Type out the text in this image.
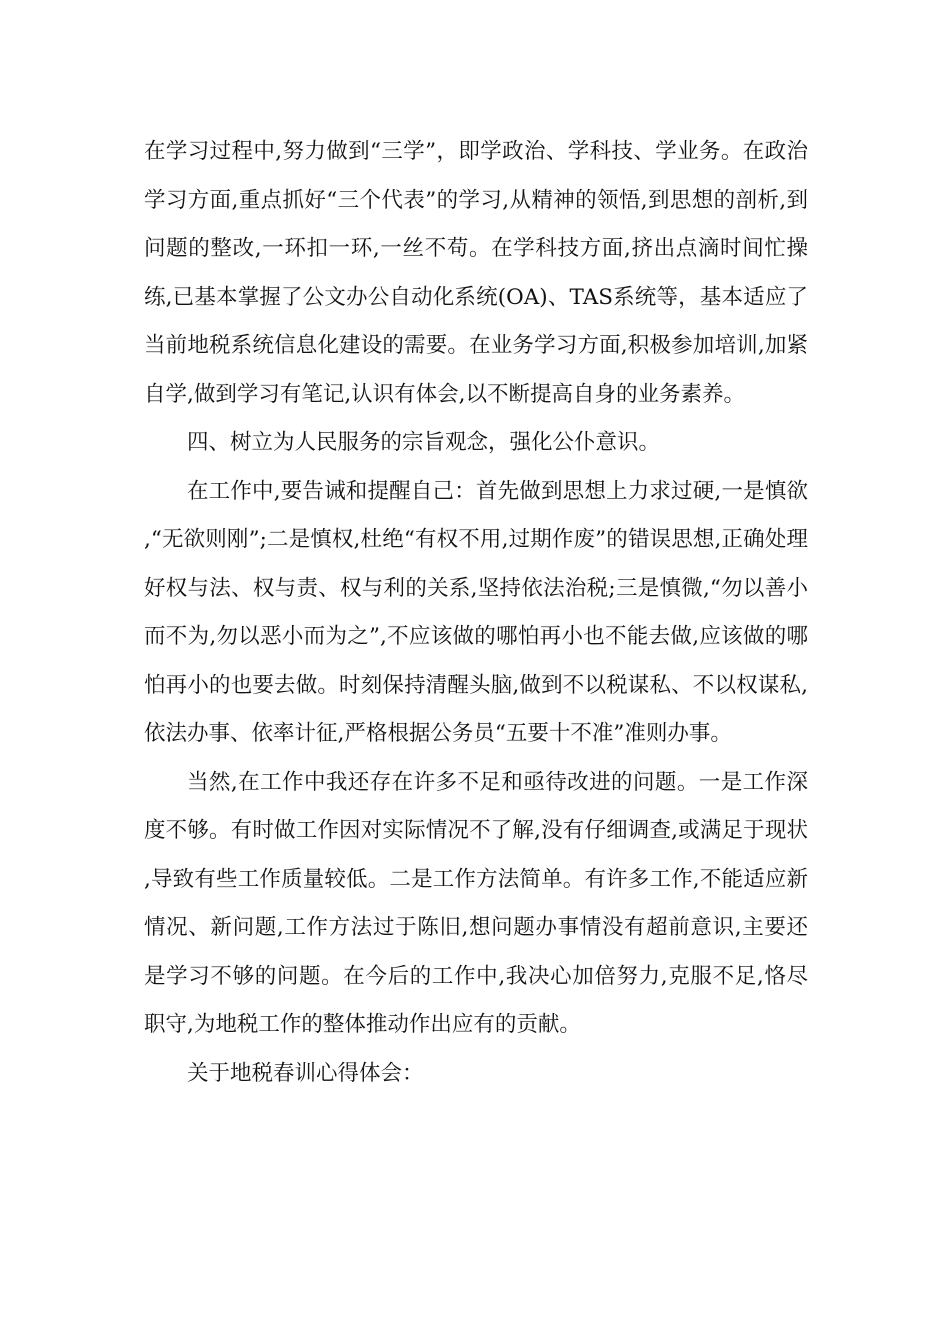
在学习过程中,努力做到“三学”，即学政治、学科技、学业务。在政治学习方面,重点抓好“三个代表”的学习,从精神的领悟,到思想的剖析,到问题的整改,一环扣一环,一丝不苟。在学科技方面,挤出点滴时间忙操练,已基本掌握了公文办公自动化系统(OA)、TAS系统等，基本适应了当前地税系统信息化建设的需要。在业务学习方面,积极参加培训,加紧自学,做到学习有笔记,认识有体会,以不断提高自身的业务素养。

四、树立为人民服务的宗旨观念，强化公仆意识。

在工作中,要告诫和提醒自己：首先做到思想上力求过硬,一是慎欲,“无欲则刚”;二是慎权,杜绝“有权不用,过期作废”的错误思想,正确处理好权与法、权与责、权与利的关系,坚持依法治税;三是慎微,“勿以善小而不为,勿以恶小而为之”,不应该做的哪怕再小也不能去做,应该做的哪怕再小的也要去做。时刻保持清醒头脑,做到不以税谋私、不以权谋私,依法办事、依率计征,严格根据公务员“五要十不准”准则办事。

当然,在工作中我还存在许多不足和亟待改进的问题。一是工作深度不够。有时做工作因对实际情况不了解,没有仔细调查,或满足于现状,导致有些工作质量较低。二是工作方法简单。有许多工作,不能适应新情况、新问题,工作方法过于陈旧,想问题办事情没有超前意识,主要还是学习不够的问题。在今后的工作中,我决心加倍努力,克服不足,恪尽职守,为地税工作的整体推动作出应有的贡献。

关于地税春训心得体会：
